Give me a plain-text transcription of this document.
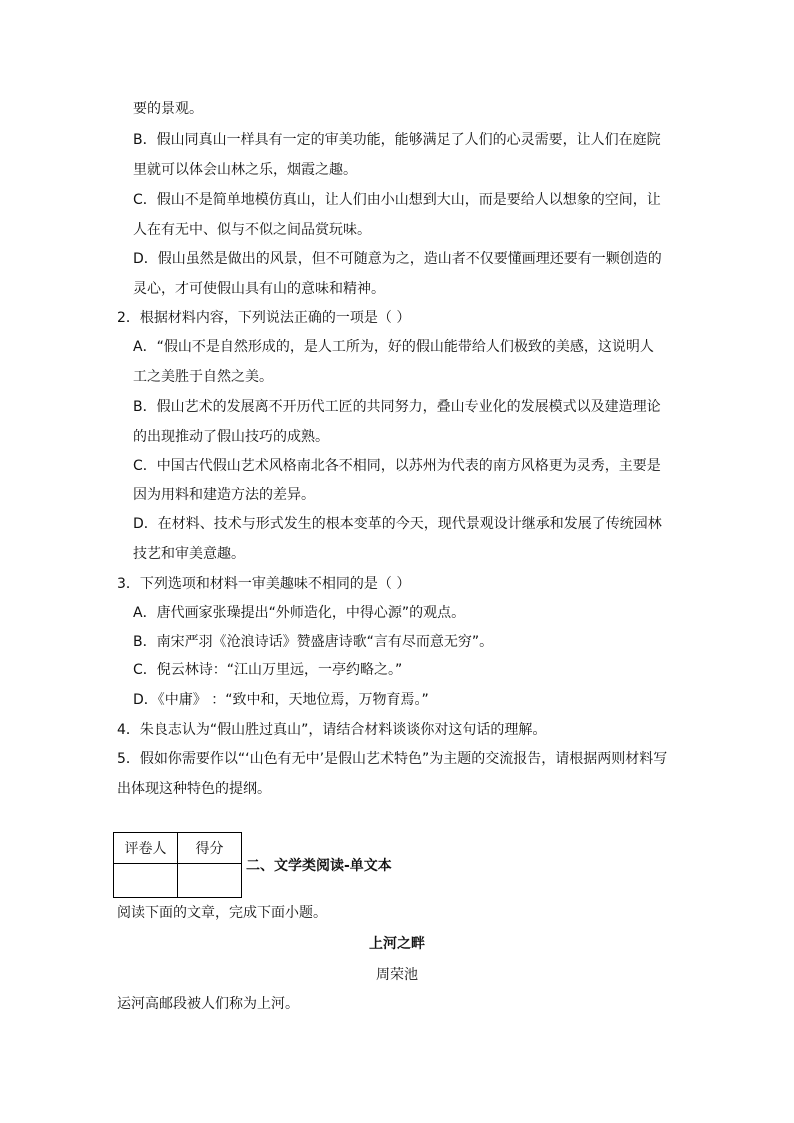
要的景观。
B．假山同真山一样具有一定的审美功能，能够满足了人们的心灵需要，让人们在庭院
里就可以体会山林之乐，烟霞之趣。
C．假山不是简单地模仿真山，让人们由小山想到大山，而是要给人以想象的空间，让
人在有无中、似与不似之间品赏玩味。
D．假山虽然是做出的风景，但不可随意为之，造山者不仅要懂画理还要有一颗创造的
灵心，才可使假山具有山的意味和精神。
2．根据材料内容，下列说法正确的一项是（ ）
A．“假山不是自然形成的，是人工所为，好的假山能带给人们极致的美感，这说明人
工之美胜于自然之美。
B．假山艺术的发展离不开历代工匠的共同努力，叠山专业化的发展模式以及建造理论
的出现推动了假山技巧的成熟。
C．中国古代假山艺术风格南北各不相同，以苏州为代表的南方风格更为灵秀，主要是
因为用料和建造方法的差异。
D．在材料、技术与形式发生的根本变革的今天，现代景观设计继承和发展了传统园林
技艺和审美意趣。
3．下列选项和材料一审美趣味不相同的是（ ）
A．唐代画家张璪提出“外师造化，中得心源”的观点。
B．南宋严羽《沧浪诗话》赞盛唐诗歌“言有尽而意无穷”。
C．倪云林诗：“江山万里远，一亭约略之。”
D．《中庸》 ：“致中和，天地位焉，万物育焉。”
4．朱良志认为“假山胜过真山”，请结合材料谈谈你对这句话的理解。
5．假如你需要作以“‘山色有无中’是假山艺术特色”为主题的交流报告，请根据两则材料写
出体现这种特色的提纲。
评卷人	得分

二、文学类阅读-单文本
阅读下面的文章，完成下面小题。
上河之畔
周荣池
运河高邮段被人们称为上河。
